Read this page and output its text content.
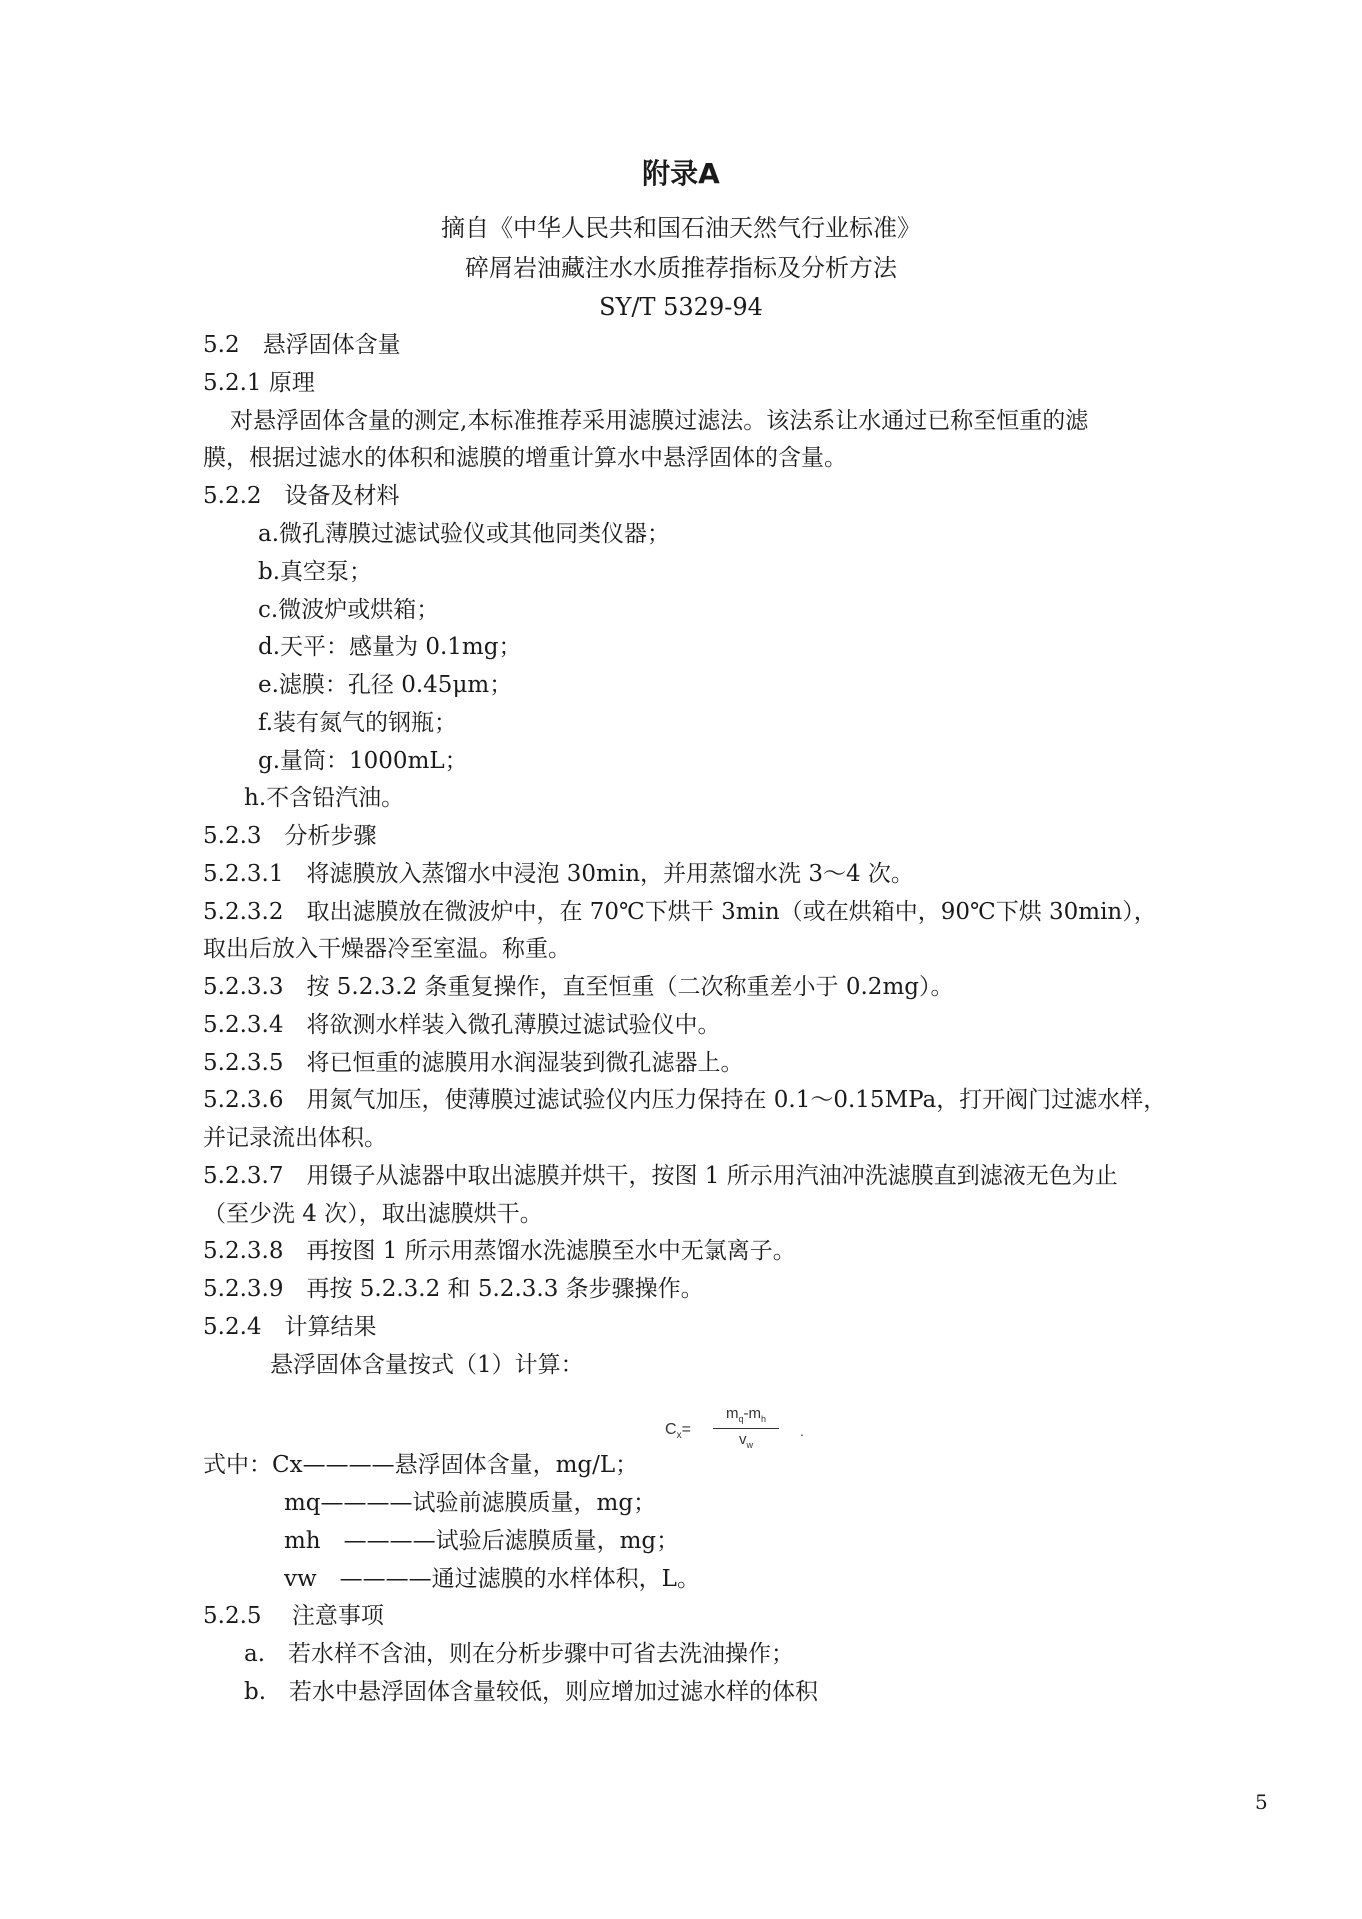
附录A
摘自《中华人民共和国石油天然气行业标准》
碎屑岩油藏注水水质推荐指标及分析方法
SY/T 5329-94
5.2　悬浮固体含量
5.2.1 原理
对悬浮固体含量的测定,本标准推荐采用滤膜过滤法。该法系让水通过已称至恒重的滤
膜，根据过滤水的体积和滤膜的增重计算水中悬浮固体的含量。
5.2.2　设备及材料
a.微孔薄膜过滤试验仪或其他同类仪器；
b.真空泵；
c.微波炉或烘箱；
d.天平：感量为 0.1mg；
e.滤膜：孔径 0.45μm；
f.装有氮气的钢瓶；
g.量筒：1000mL；
h.不含铅汽油。
5.2.3　分析步骤
5.2.3.1　将滤膜放入蒸馏水中浸泡 30min，并用蒸馏水洗 3～4 次。
5.2.3.2　取出滤膜放在微波炉中，在 70℃下烘干 3min（或在烘箱中，90℃下烘 30min），
取出后放入干燥器冷至室温。称重。
5.2.3.3　按 5.2.3.2 条重复操作，直至恒重（二次称重差小于 0.2mg）。
5.2.3.4　将欲测水样装入微孔薄膜过滤试验仪中。
5.2.3.5　将已恒重的滤膜用水润湿装到微孔滤器上。
5.2.3.6　用氮气加压，使薄膜过滤试验仪内压力保持在 0.1～0.15MPa，打开阀门过滤水样，
并记录流出体积。
5.2.3.7　用镊子从滤器中取出滤膜并烘干，按图 1 所示用汽油冲洗滤膜直到滤液无色为止
（至少洗 4 次），取出滤膜烘干。
5.2.3.8　再按图 1 所示用蒸馏水洗滤膜至水中无氯离子。
5.2.3.9　再按 5.2.3.2 和 5.2.3.3 条步骤操作。
5.2.4　计算结果
悬浮固体含量按式（1）计算：
$C_x=$
$m_q-m_h$
$v_w$
.
式中：Cx————悬浮固体含量，mg/L；
mq————试验前滤膜质量，mg；
mh　————试验后滤膜质量，mg；
vw　————通过滤膜的水样体积，L。
5.2.5　 注意事项
a.　若水样不含油，则在分析步骤中可省去洗油操作；
b.　若水中悬浮固体含量较低，则应增加过滤水样的体积
5
